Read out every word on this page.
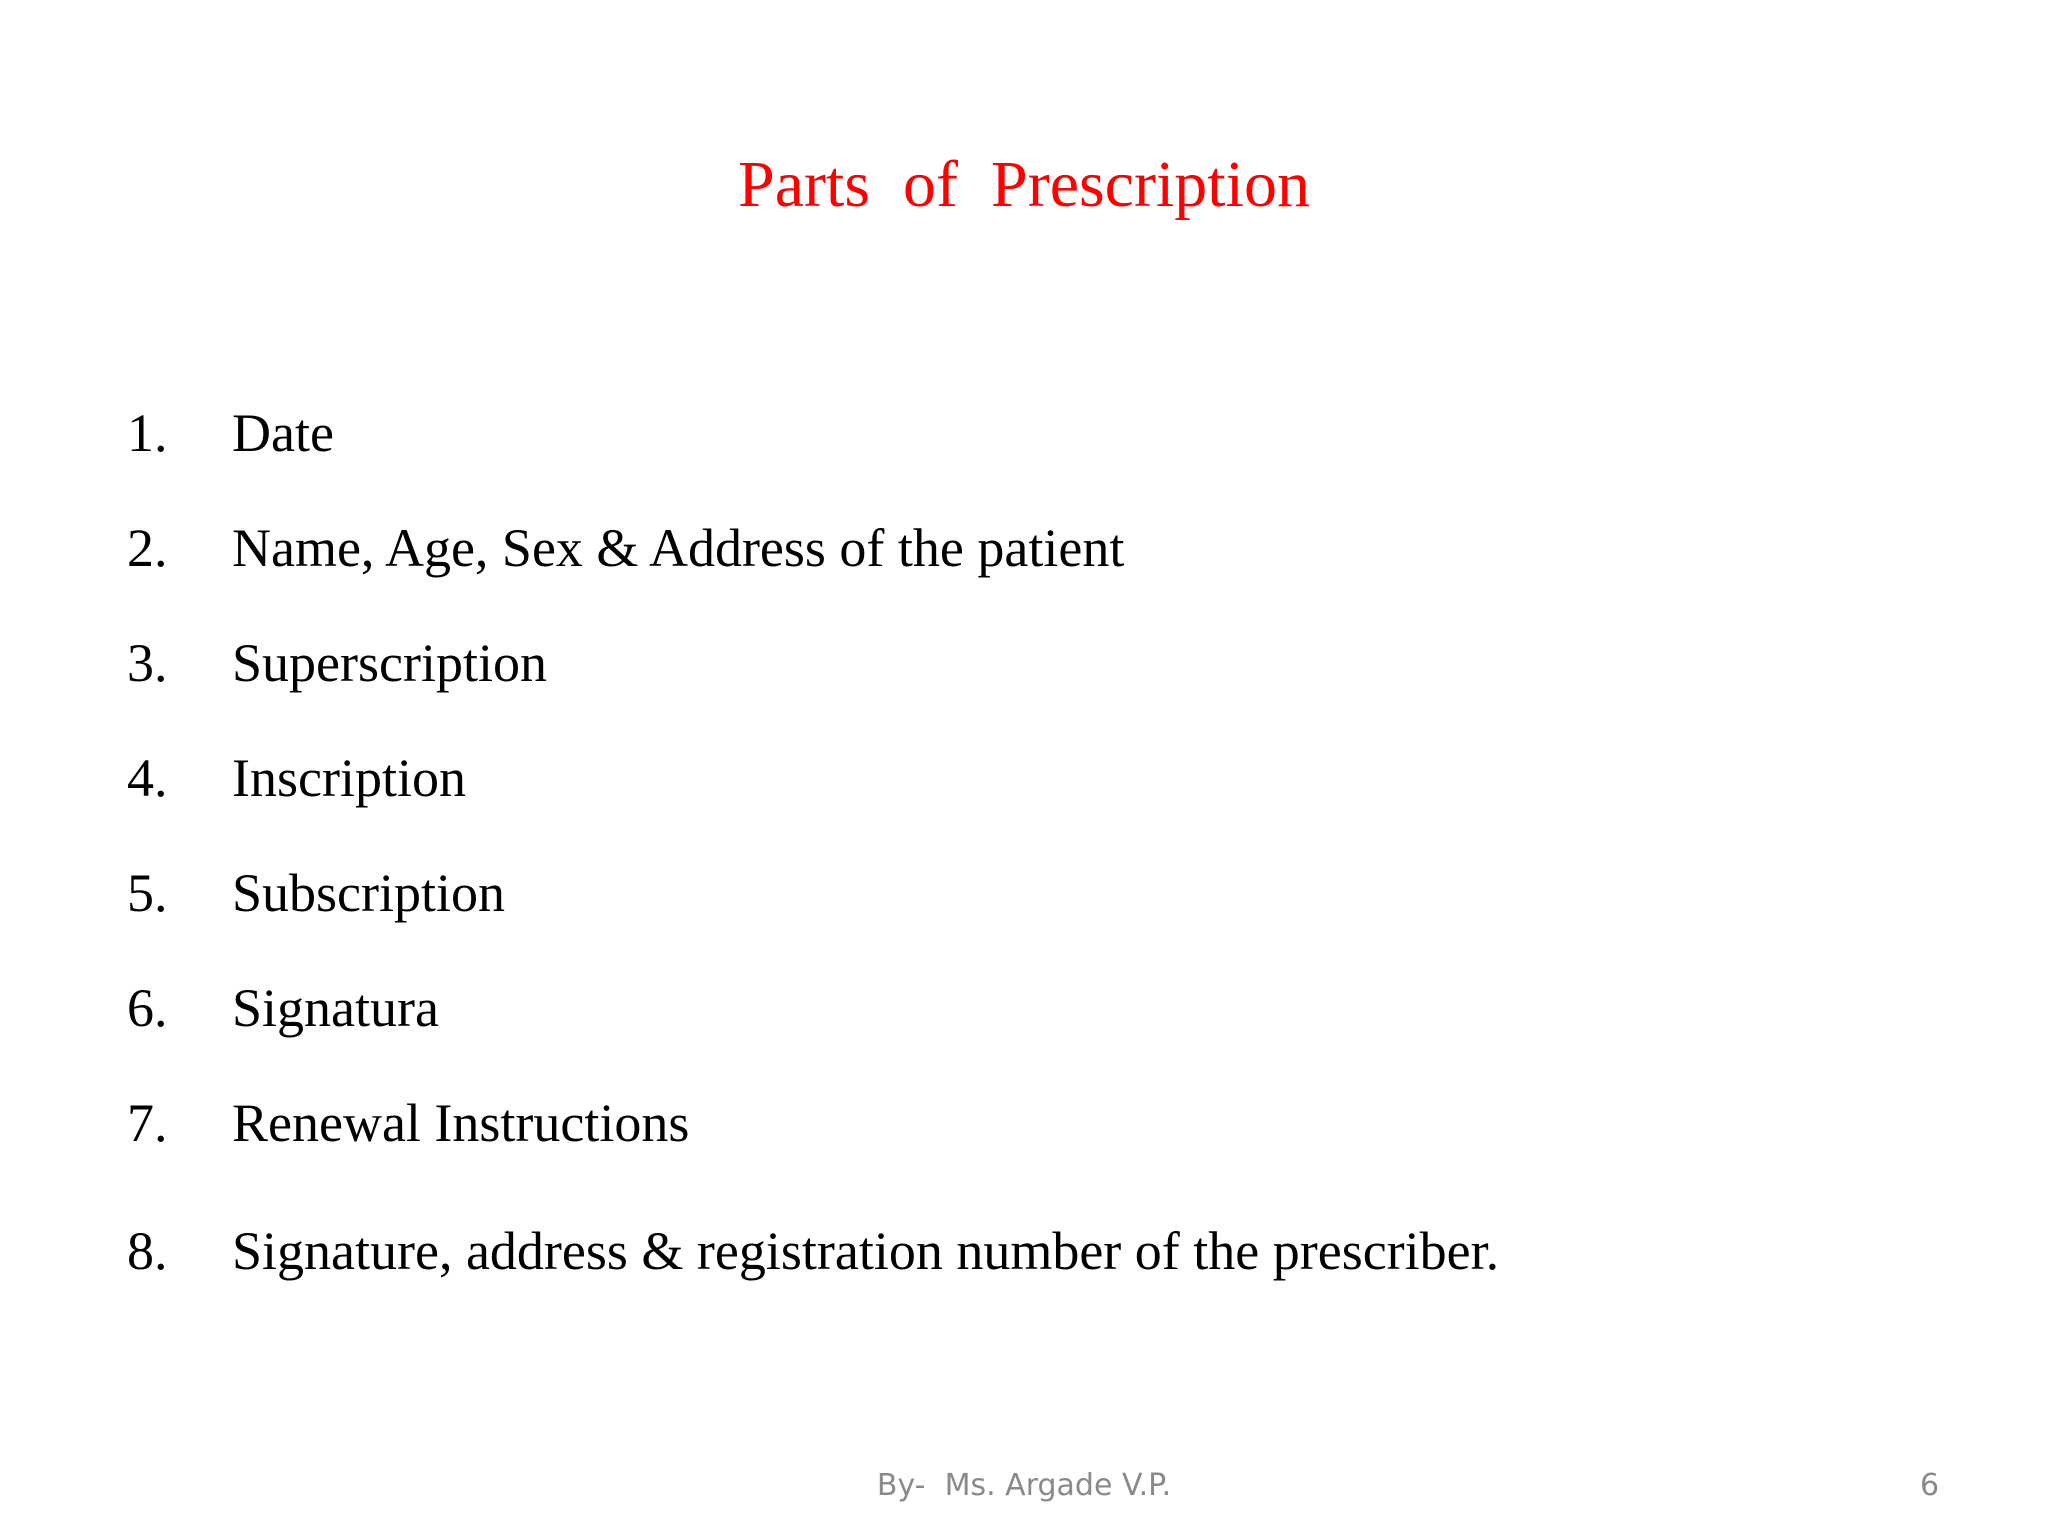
Parts  of  Prescription
1. Date
2. Name, Age, Sex & Address of the patient
3. Superscription
4. Inscription
5. Subscription
6. Signatura
7. Renewal Instructions
8. Signature, address & registration number of the prescriber.
By-  Ms. Argade V.P.	6
